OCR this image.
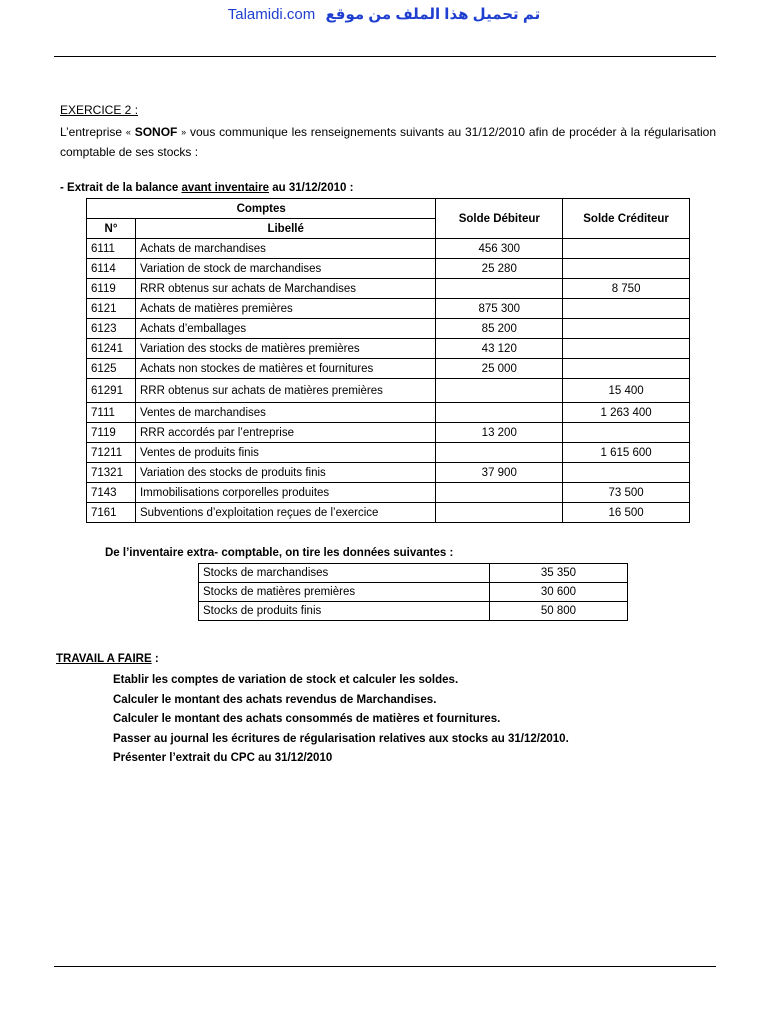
Talamidi.com تم تحميل هذا الملف من موقع
EXERCICE 2 :
L’entreprise « SONOF » vous communique les renseignements suivants au 31/12/2010 afin de procéder à la régularisation comptable de ses stocks :
- Extrait de la balance avant inventaire au 31/12/2010 :
Comptes		Solde Débiteur	Solde Créditeur
N°	Libellé		
6111	Achats de marchandises	456 300	
6114	Variation de stock de marchandises	25 280	
6119	RRR obtenus sur achats de Marchandises		8 750
6121	Achats de matières premières	875 300	
6123	Achats d’emballages	85 200	
61241	Variation des stocks de matières premières	43 120	
6125	Achats non stockes de matières et fournitures	25 000	
61291	RRR obtenus sur achats de matières premières		15 400
7111	Ventes de marchandises		1 263 400
7119	RRR accordés par l’entreprise	13 200	
71211	Ventes de produits finis		1 615 600
71321	Variation des stocks de produits finis	37 900	
7143	Immobilisations corporelles produites		73 500
7161	Subventions d’exploitation reçues de l’exercice		16 500
De l’inventaire extra- comptable, on tire les données suivantes :
Stocks de marchandises	35 350
Stocks de matières premières	30 600
Stocks de produits finis	50 800
TRAVAIL A FAIRE :
Etablir les comptes de variation de stock et calculer les soldes.
Calculer le montant des achats revendus de Marchandises.
Calculer le montant des achats consommés de matières et fournitures.
Passer au journal les écritures de régularisation relatives aux stocks au 31/12/2010.
Présenter l’extrait du CPC au 31/12/2010
